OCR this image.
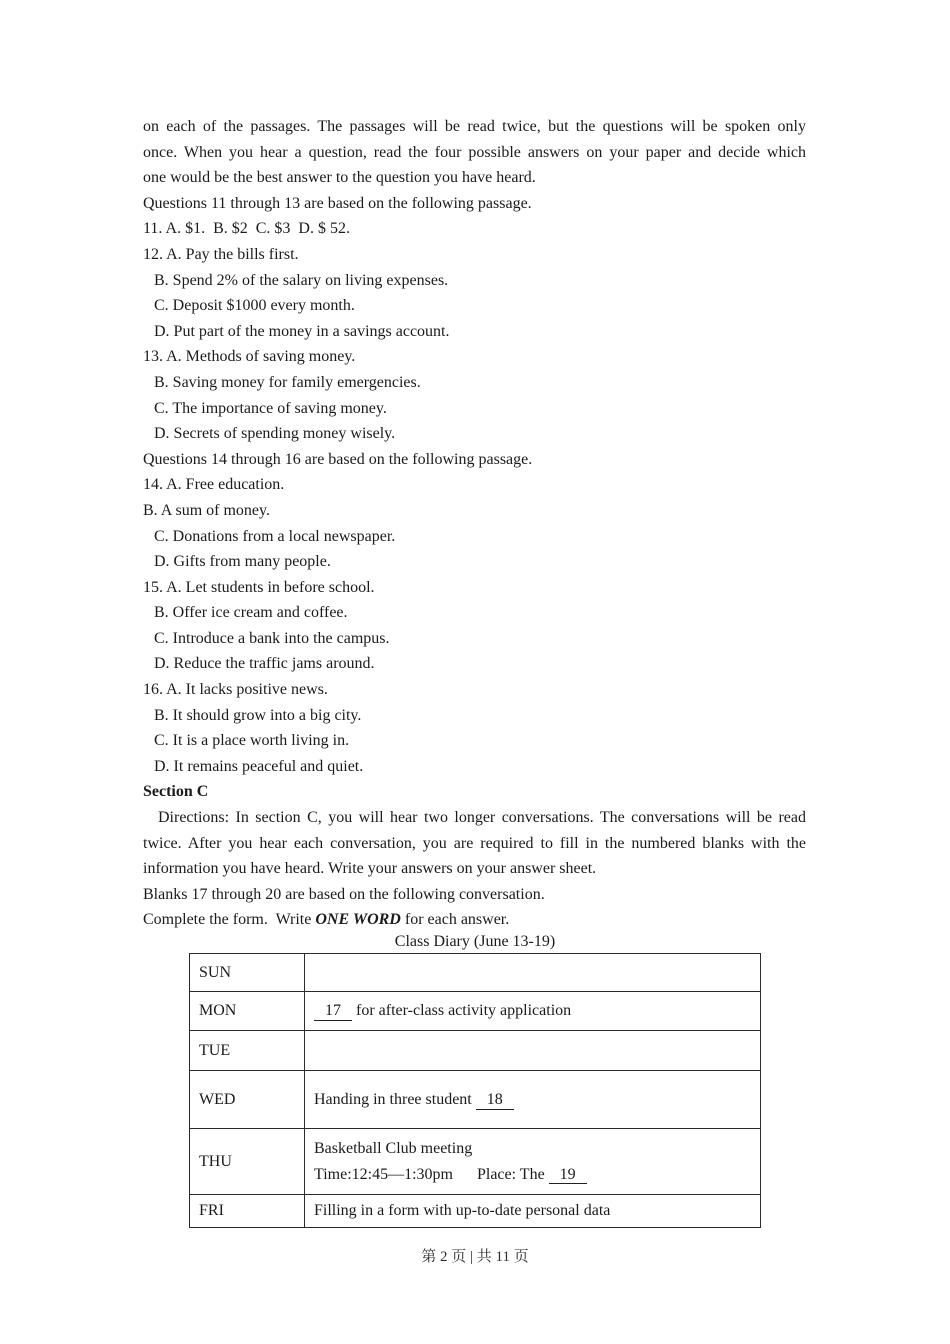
on each of the passages. The passages will be read twice, but the questions will be spoken only
once. When you hear a question, read the four possible answers on your paper and decide which
one would be the best answer to the question you have heard.
Questions 11 through 13 are based on the following passage.
11. A. $1.  B. $2  C. $3  D. $ 52.
12. A. Pay the bills first.
B. Spend 2% of the salary on living expenses.
C. Deposit $1000 every month.
D. Put part of the money in a savings account.
13. A. Methods of saving money.
B. Saving money for family emergencies.
C. The importance of saving money.
D. Secrets of spending money wisely.
Questions 14 through 16 are based on the following passage.
14. A. Free education.
B. A sum of money.
C. Donations from a local newspaper.
D. Gifts from many people.
15. A. Let students in before school.
B. Offer ice cream and coffee.
C. Introduce a bank into the campus.
D. Reduce the traffic jams around.
16. A. It lacks positive news.
B. It should grow into a big city.
C. It is a place worth living in.
D. It remains peaceful and quiet.
Section C
Directions: In section C, you will hear two longer conversations. The conversations will be read
twice. After you hear each conversation, you are required to fill in the numbered blanks with the
information you have heard. Write your answers on your answer sheet.
Blanks 17 through 20 are based on the following conversation.
Complete the form.  Write ONE WORD for each answer.
Class Diary (June 13-19)
SUN	
MON	17 for after-class activity application

TUE	
WED	Handing in three student 18

THU	Basketball Club meeting
Time:12:45—1:30pm      Place: The 19

FRI	Filling in a form with up-to-date personal data
第 2 页 | 共 11 页
